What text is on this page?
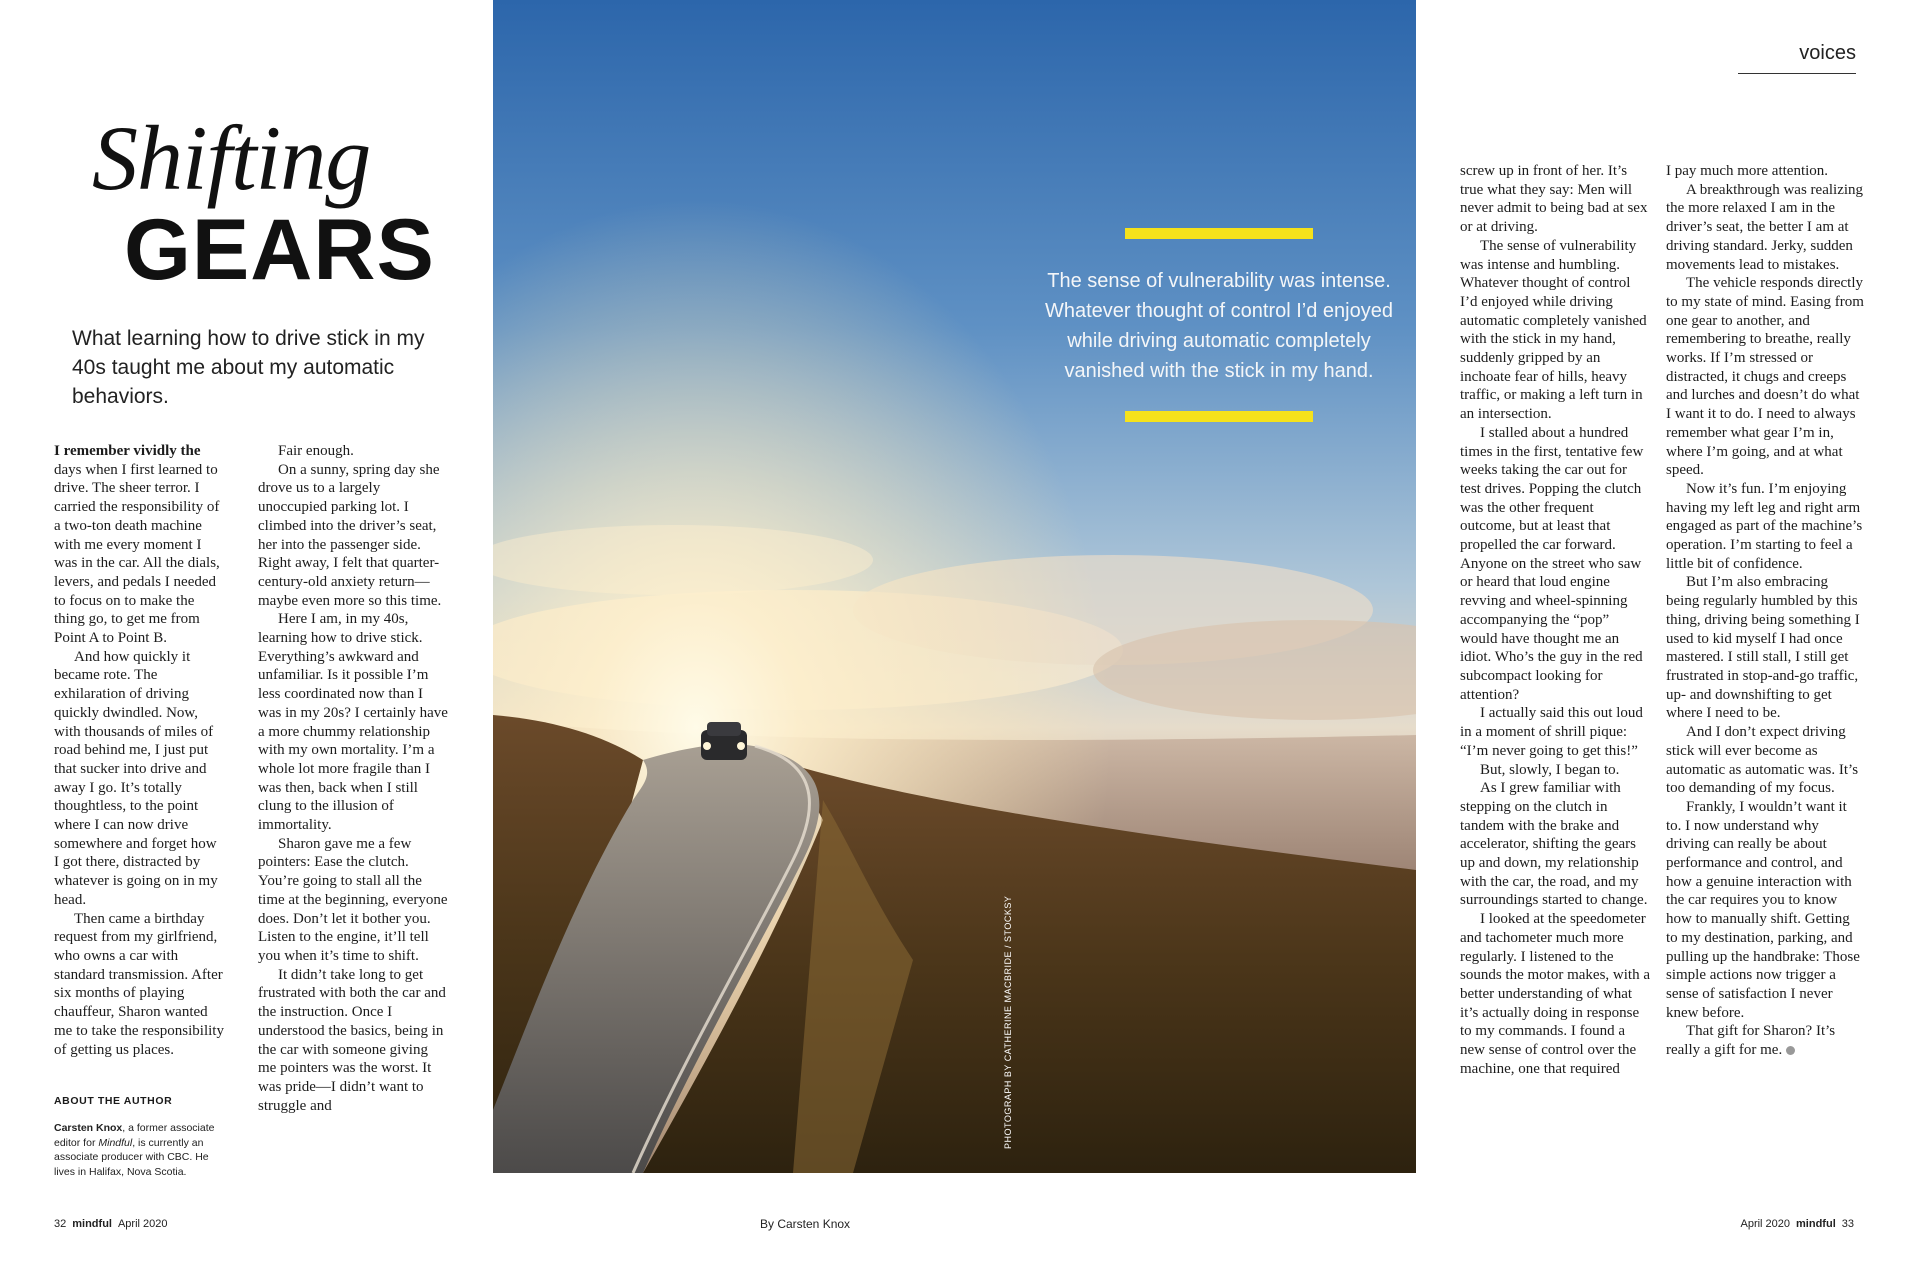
voices
Shifting
GEARS
What learning how to drive stick in my 40s taught me about my automatic behaviors.

I remember vividly the days when I first learned to drive. The sheer terror. I carried the responsibility of a two-ton death machine with me every moment I was in the car. All the dials, levers, and pedals I needed to focus on to make the thing go, to get me from Point A to Point B.

And how quickly it became rote. The exhilaration of driving quickly dwindled. Now, with thousands of miles of road behind me, I just put that sucker into drive and away I go. It’s totally thoughtless, to the point where I can now drive somewhere and forget how I got there, distracted by whatever is going on in my head.

Then came a birthday request from my girlfriend, who owns a car with standard transmission. After six months of playing chauffeur, Sharon wanted me to take the responsibility of getting us places.

Fair enough.

On a sunny, spring day she drove us to a largely unoccupied parking lot. I climbed into the driver’s seat, her into the passenger side. Right away, I felt that quarter-century-old anxiety return—maybe even more so this time.

Here I am, in my 40s, learning how to drive stick. Everything’s awkward and unfamiliar. Is it possible I’m less coordinated now than I was in my 20s? I certainly have a more chummy relationship with my own mortality. I’m a whole lot more fragile than I was then, back when I still clung to the illusion of immortality.

Sharon gave me a few pointers: Ease the clutch. You’re going to stall all the time at the beginning, everyone does. Don’t let it bother you. Listen to the engine, it’ll tell you when it’s time to shift.

It didn’t take long to get frustrated with both the car and the instruction. Once I understood the basics, being in the car with someone giving me pointers was the worst. It was pride—I didn’t want to struggle and

ABOUT THE AUTHOR
Carsten Knox, a former associate editor for Mindful, is currently an associate producer with CBC. He lives in Halifax, Nova Scotia.
The sense of vulnerability was intense. Whatever thought of control I’d enjoyed while driving automatic completely vanished with the stick in my hand.
PHOTOGRAPH BY CATHERINE MACBRIDE / STOCKSY

screw up in front of her. It’s true what they say: Men will never admit to being bad at sex or at driving.

The sense of vulnerability was intense and humbling. Whatever thought of control I’d enjoyed while driving automatic completely vanished with the stick in my hand, suddenly gripped by an inchoate fear of hills, heavy traffic, or making a left turn in an intersection.

I stalled about a hundred times in the first, tentative few weeks taking the car out for test drives. Popping the clutch was the other frequent outcome, but at least that propelled the car forward. Anyone on the street who saw or heard that loud engine revving and wheel-spinning accompanying the “pop” would have thought me an idiot. Who’s the guy in the red subcompact looking for attention?

I actually said this out loud in a moment of shrill pique: “I’m never going to get this!”

But, slowly, I began to.

As I grew familiar with stepping on the clutch in tandem with the brake and accelerator, shifting the gears up and down, my relationship with the car, the road, and my surroundings started to change.

I looked at the speedometer and tachometer much more regularly. I listened to the sounds the motor makes, with a better understanding of what it’s actually doing in response to my commands. I found a new sense of control over the machine, one that required

I pay much more attention.

A breakthrough was realizing the more relaxed I am in the driver’s seat, the better I am at driving standard. Jerky, sudden movements lead to mistakes.

The vehicle responds directly to my state of mind. Easing from one gear to another, and remembering to breathe, really works. If I’m stressed or distracted, it chugs and creeps and lurches and doesn’t do what I want it to do. I need to always remember what gear I’m in, where I’m going, and at what speed.

Now it’s fun. I’m enjoying having my left leg and right arm engaged as part of the machine’s operation. I’m starting to feel a little bit of confidence.

But I’m also embracing being regularly humbled by this thing, driving being something I used to kid myself I had once mastered. I still stall, I still get frustrated in stop-and-go traffic, up- and downshifting to get where I need to be.

And I don’t expect driving stick will ever become as automatic as automatic was. It’s too demanding of my focus.

Frankly, I wouldn’t want it to. I now understand why driving can really be about performance and control, and how a genuine interaction with the car requires you to know how to manually shift. Getting to my destination, parking, and pulling up the handbrake: Those simple actions now trigger a sense of satisfaction I never knew before.

That gift for Sharon? It’s really a gift for me.

32 mindful April 2020	By Carsten Knox	April 2020 mindful 33
